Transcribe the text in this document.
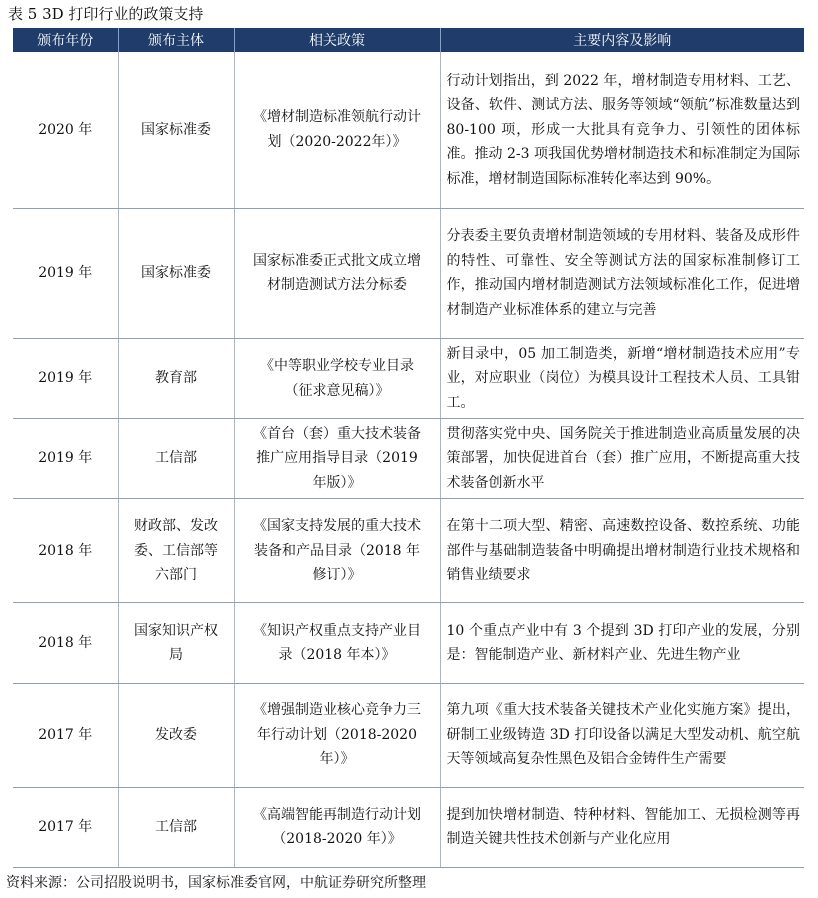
表 5 3D 打印行业的政策支持
颁布年份	颁布主体	相关政策	主要内容及影响
2020 年	国家标准委	《增材制造标准领航行动计划（2020-2022年）》	行动计划指出，到 2022 年，增材制造专用材料、工艺、设备、软件、测试方法、服务等领域“领航”标准数量达到 80-100 项，形成一大批具有竞争力、引领性的团体标准。推动 2-3 项我国优势增材制造技术和标准制定为国际标准，增材制造国际标准转化率达到 90%。
2019 年	国家标准委	国家标准委正式批文成立增材制造测试方法分标委	分表委主要负责增材制造领域的专用材料、装备及成形件的特性、可靠性、安全等测试方法的国家标准制修订工作，推动国内增材制造测试方法领域标准化工作，促进增材制造产业标准体系的建立与完善
2019 年	教育部	《中等职业学校专业目录（征求意见稿）》	新目录中，05 加工制造类，新增“增材制造技术应用”专业，对应职业（岗位）为模具设计工程技术人员、工具钳工。
2019 年	工信部	《首台（套）重大技术装备推广应用指导目录（2019 年版）》	贯彻落实党中央、国务院关于推进制造业高质量发展的决策部署，加快促进首台（套）推广应用，不断提高重大技术装备创新水平
2018 年	财政部、发改委、工信部等六部门	《国家支持发展的重大技术装备和产品目录（2018 年修订）》	在第十二项大型、精密、高速数控设备、数控系统、功能部件与基础制造装备中明确提出增材制造行业技术规格和销售业绩要求
2018 年	国家知识产权局	《知识产权重点支持产业目录（2018 年本）》	10 个重点产业中有 3 个提到 3D 打印产业的发展，分别是：智能制造产业、新材料产业、先进生物产业
2017 年	发改委	《增强制造业核心竞争力三年行动计划（2018-2020 年）》	第九项《重大技术装备关键技术产业化实施方案》提出，研制工业级铸造 3D 打印设备以满足大型发动机、航空航天等领域高复杂性黑色及铝合金铸件生产需要
2017 年	工信部	《高端智能再制造行动计划（2018-2020 年）》	提到加快增材制造、特种材料、智能加工、无损检测等再制造关键共性技术创新与产业化应用
资料来源：公司招股说明书，国家标准委官网，中航证券研究所整理
